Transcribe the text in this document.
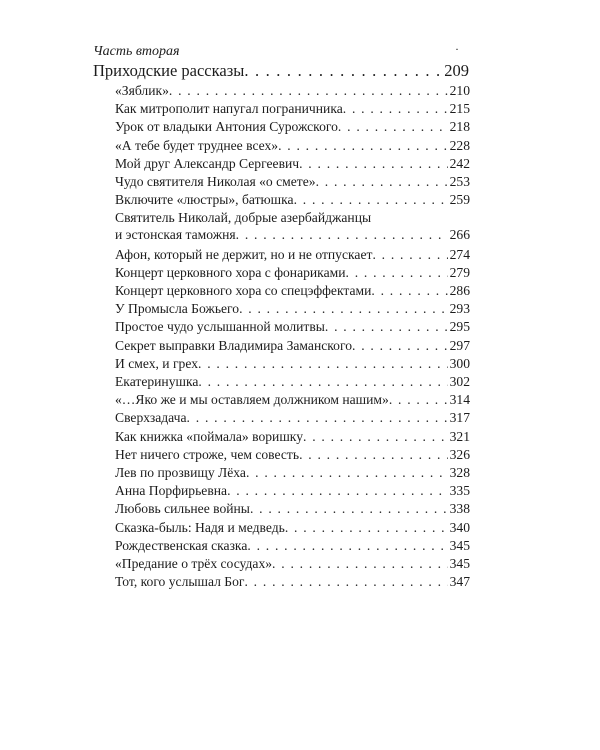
Часть вторая	·
Приходские рассказы . . .	209
«Зяблик» . . .	210
Как митрополит напугал пограничника . . .	215
Урок от владыки Антония Сурожского . . .	218
«А тебе будет труднее всех» . . .	228
Мой друг Александр Сергеевич . . .	242
Чудо святителя Николая «о смете» . . .	253
Включите «люстры», батюшка . . .	259
Святитель Николай, добрые азербайджанцы
и эстонская таможня . . .	266
Афон, который не держит, но и не отпускает . . .	274
Концерт церковного хора с фонариками . . .	279
Концерт церковного хора со спецэффектами . . .	286
У Промысла Божьего . . .	293
Простое чудо услышанной молитвы . . .	295
Секрет выправки Владимира Заманского . . .	297
И смех, и грех . . .	300
Екатеринушка . . .	302
«…Яко же и мы оставляем должником нашим» . . .	314
Сверхзадача . . .	317
Как книжка «поймала» воришку . . .	321
Нет ничего строже, чем совесть . . .	326
Лев по прозвищу Лёха . . .	328
Анна Порфирьевна . . .	335
Любовь сильнее войны . . .	338
Сказка-быль: Надя и медведь . . .	340
Рождественская сказка . . .	345
«Предание о трёх сосудах» . . .	345
Тот, кого услышал Бог . . .	347
